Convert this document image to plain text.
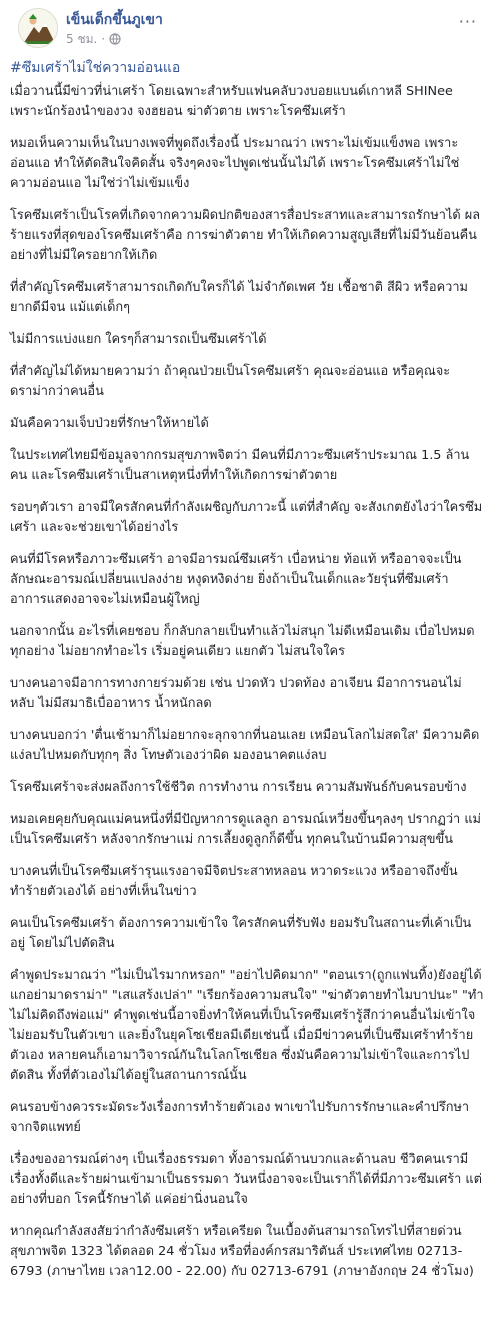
เข็นเด็กขึ้นภูเขา
5 ชม. ·
···
#ซึมเศร้าไม่ใช่ความอ่อนแอ

เมื่อวานนี้มีข่าวที่น่าเศร้า โดยเฉพาะสำหรับแฟนคลับวงบอยแบนด์เกาหลี SHINee เพราะนักร้องนำของวง จงฮยอน ฆ่าตัวตาย เพราะโรคซึมเศร้า

หมอเห็นความเห็นในบางเพจที่พูดถึงเรื่องนี้ ประมาณว่า เพราะไม่เข้มแข็งพอ เพราะอ่อนแอ ทำให้ตัดสินใจคิดสั้น จริงๆคงจะไปพูดเช่นนั้นไม่ได้ เพราะโรคซึมเศร้าไม่ใช่ความอ่อนแอ ไม่ใช่ว่าไม่เข้มแข็ง

โรคซึมเศร้าเป็นโรคที่เกิดจากความผิดปกติของสารสื่อประสาทและสามารถรักษาได้ ผลร้ายแรงที่สุดของโรคซึมเศร้าคือ การฆ่าตัวตาย ทำให้เกิดความสูญเสียที่ไม่มีวันย้อนคืนอย่างที่ไม่มีใครอยากให้เกิด

ที่สำคัญโรคซึมเศร้าสามารถเกิดกับใครก็ได้ ไม่จำกัดเพศ วัย เชื้อชาติ สีผิว หรือความยากดีมีจน แม้แต่เด็กๆ

ไม่มีการแบ่งแยก ใครๆก็สามารถเป็นซึมเศร้าได้

ที่สำคัญไม่ได้หมายความว่า ถ้าคุณป่วยเป็นโรคซึมเศร้า คุณจะอ่อนแอ หรือคุณจะดราม่ากว่าคนอื่น

มันคือความเจ็บป่วยที่รักษาให้หายได้

ในประเทศไทยมีข้อมูลจากกรมสุขภาพจิตว่า มีคนที่มีภาวะซึมเศร้าประมาณ 1.5 ล้านคน และโรคซึมเศร้าเป็นสาเหตุหนึ่งที่ทำให้เกิดการฆ่าตัวตาย

รอบๆตัวเรา อาจมีใครสักคนที่กำลังเผชิญกับภาวะนี้ แต่ที่สำคัญ จะสังเกตยังไงว่าใครซึมเศร้า และจะช่วยเขาได้อย่างไร

คนที่มีโรคหรือภาวะซึมเศร้า อาจมีอารมณ์ซึมเศร้า เบื่อหน่าย ท้อแท้ หรืออาจจะเป็นลักษณะอารมณ์เปลี่ยนแปลงง่าย หงุดหงิดง่าย ยิ่งถ้าเป็นในเด็กและวัยรุ่นที่ซึมเศร้าอาการแสดงอาจจะไม่เหมือนผู้ใหญ่

นอกจากนั้น อะไรที่เคยชอบ ก็กลับกลายเป็นทำแล้วไม่สนุก ไม่ดีเหมือนเดิม เบื่อไปหมดทุกอย่าง ไม่อยากทำอะไร เริ่มอยู่คนเดียว แยกตัว ไม่สนใจใคร

บางคนอาจมีอาการทางกายร่วมด้วย เช่น ปวดหัว ปวดท้อง อาเจียน มีอาการนอนไม่หลับ ไม่มีสมาธิเบื่ออาหาร น้ำหนักลด

บางคนบอกว่า 'ตื่นเช้ามาก็ไม่อยากจะลุกจากที่นอนเลย เหมือนโลกไม่สดใส' มีความคิดแง่ลบไปหมดกับทุกๆ สิ่ง โทษตัวเองว่าผิด มองอนาคตแง่ลบ

โรคซึมเศร้าจะส่งผลถึงการใช้ชีวิต การทำงาน การเรียน ความสัมพันธ์กับคนรอบข้าง

หมอเคยคุยกับคุณแม่คนหนึ่งที่มีปัญหาการดูแลลูก อารมณ์เหวี่ยงขึ้นๆลงๆ ปรากฏว่า แม่เป็นโรคซึมเศร้า หลังจากรักษาแม่ การเลี้ยงดูลูกก็ดีขึ้น ทุกคนในบ้านมีความสุขขึ้น

บางคนที่เป็นโรคซึมเศร้ารุนแรงอาจมีจิตประสาทหลอน หวาดระแวง หรืออาจถึงขั้นทำร้ายตัวเองได้ อย่างที่เห็นในข่าว

คนเป็นโรคซึมเศร้า ต้องการความเข้าใจ ใครสักคนที่รับฟัง ยอมรับในสถานะที่เค้าเป็นอยู่ โดยไม่ไปตัดสิน

คำพูดประมาณว่า "ไม่เป็นไรมากหรอก" "อย่าไปคิดมาก" "ตอนเรา(ถูกแฟนทิ้ง)ยังอยู่ได้ แกอย่ามาดราม่า" "เสแสร้งเปล่า" "เรียกร้องความสนใจ" "ฆ่าตัวตายทำไมบาปนะ" "ทำไม่ไม่คิดถึงพ่อแม่" คำพูดเช่นนี้อาจยิ่งทำให้คนที่เป็นโรคซึมเศร้ารู้สึกว่าคนอื่นไม่เข้าใจ ไม่ยอมรับในตัวเขา และยิ่งในยุคโซเชียลมีเดียเช่นนี้ เมื่อมีข่าวคนที่เป็นซึมเศร้าทำร้ายตัวเอง หลายคนก็เอามาวิจารณ์กันในโลกโซเชียล ซึ่งมันคือความไม่เข้าใจและการไปตัดสิน ทั้งที่ตัวเองไม่ได้อยู่ในสถานการณ์นั้น

คนรอบข้างควรระมัดระวังเรื่องการทำร้ายตัวเอง พาเขาไปรับการรักษาและคำปรึกษาจากจิตแพทย์

เรื่องของอารมณ์ต่างๆ เป็นเรื่องธรรมดา ทั้งอารมณ์ด้านบวกและด้านลบ ชีวิตคนเรามีเรื่องทั้งดีและร้ายผ่านเข้ามาเป็นธรรมดา วันหนึ่งอาจจะเป็นเราก็ได้ที่มีภาวะซึมเศร้า แต่อย่างที่บอก โรคนี้รักษาได้ แค่อย่านิ่งนอนใจ

หากคุณกำลังสงสัยว่ากำลังซึมเศร้า หรือเครียด ในเบื้องต้นสามารถโทรไปที่สายด่วนสุขภาพจิต 1323 ได้ตลอด 24 ชั่วโมง หรือที่องค์กรสมาริตันส์ ประเทศไทย 02713-6793 (ภาษาไทย เวลา12.00 - 22.00) กับ 02713-6791 (ภาษาอังกฤษ 24 ชั่วโมง)
